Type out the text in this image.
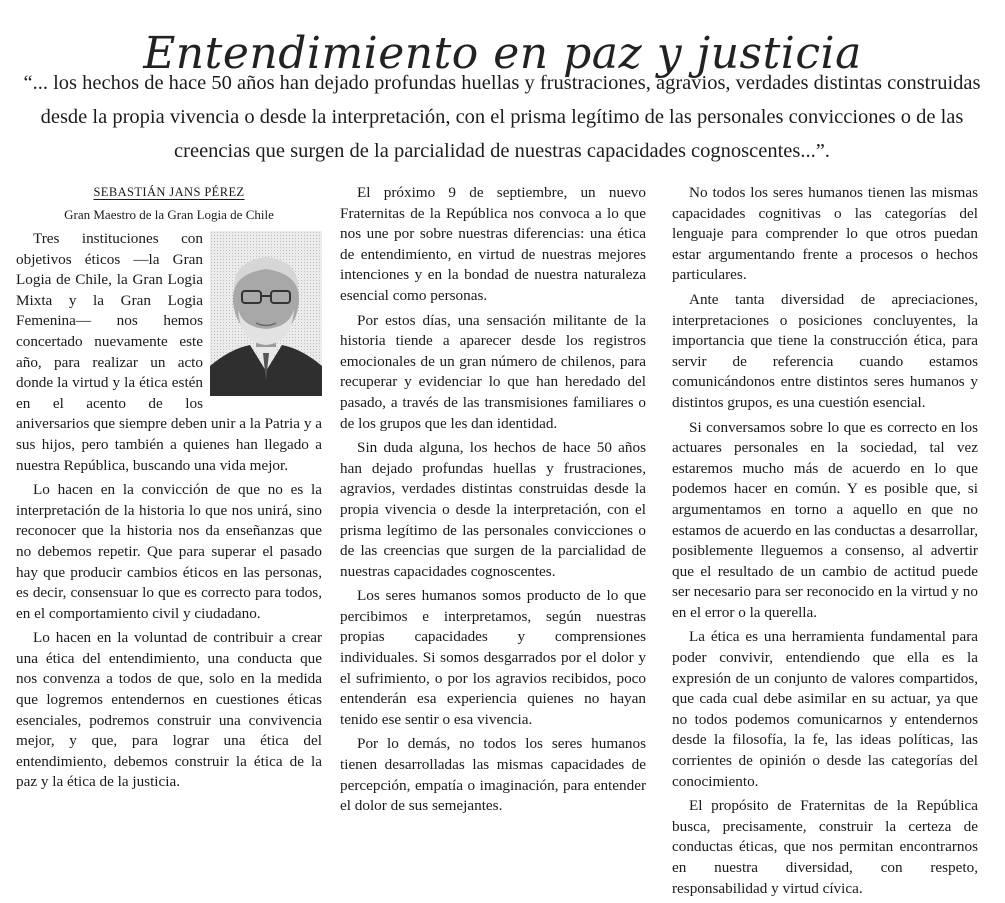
Entendimiento en paz y justicia
“... los hechos de hace 50 años han dejado profundas huellas y frustraciones, agravios, verdades distintas construidas desde la propia vivencia o desde la interpretación, con el prisma legítimo de las personales convicciones o de las creencias que surgen de la parcialidad de nuestras capacidades cognoscentes...”.

SEBASTIÁN JANS PÉREZ

Gran Maestro de la Gran Logia de Chile

Tres instituciones con objetivos éticos —la Gran Logia de Chile, la Gran Logia Mixta y la Gran Logia Femenina— nos hemos concertado nuevamente este año, para realizar un acto donde la virtud y la ética estén en el acento de los aniversarios que siempre deben unir a la Patria y a sus hijos, pero también a quienes han llegado a nuestra República, buscando una vida mejor.

Lo hacen en la convicción de que no es la interpretación de la historia lo que nos unirá, sino reconocer que la historia nos da enseñanzas que no debemos repetir. Que para superar el pasado hay que producir cambios éticos en las personas, es decir, consensuar lo que es correcto para todos, en el comportamiento civil y ciudadano.

Lo hacen en la voluntad de contribuir a crear una ética del entendimiento, una conducta que nos convenza a todos de que, solo en la medida que logremos entendernos en cuestiones éticas esenciales, podremos construir una convivencia mejor, y que, para lograr una ética del entendimiento, debemos construir la ética de la paz y la ética de la justicia.

El próximo 9 de septiembre, un nuevo Fraternitas de la República nos convoca a lo que nos une por sobre nuestras diferencias: una ética de entendimiento, en virtud de nuestras mejores intenciones y en la bondad de nuestra naturaleza esencial como personas.

Por estos días, una sensación militante de la historia tiende a aparecer desde los registros emocionales de un gran número de chilenos, para recuperar y evidenciar lo que han heredado del pasado, a través de las transmisiones familiares o de los grupos que les dan identidad.

Sin duda alguna, los hechos de hace 50 años han dejado profundas huellas y frustraciones, agravios, verdades distintas construidas desde la propia vivencia o desde la interpretación, con el prisma legítimo de las personales convicciones o de las creencias que surgen de la parcialidad de nuestras capacidades cognoscentes.

Los seres humanos somos producto de lo que percibimos e interpretamos, según nuestras propias capacidades y comprensiones individuales. Si somos desgarrados por el dolor y el sufrimiento, o por los agravios recibidos, poco entenderán esa experiencia quienes no hayan tenido ese sentir o esa vivencia.

Por lo demás, no todos los seres humanos tienen desarrolladas las mismas capacidades de percepción, empatía o imaginación, para entender el dolor de sus semejantes.

No todos los seres humanos tienen las mismas capacidades cognitivas o las categorías del lenguaje para comprender lo que otros puedan estar argumentando frente a procesos o hechos particulares.

Ante tanta diversidad de apreciaciones, interpretaciones o posiciones concluyentes, la importancia que tiene la construcción ética, para servir de referencia cuando estamos comunicándonos entre distintos seres humanos y distintos grupos, es una cuestión esencial.

Si conversamos sobre lo que es correcto en los actuares personales en la sociedad, tal vez estaremos mucho más de acuerdo en lo que podemos hacer en común. Y es posible que, si argumentamos en torno a aquello en que no estamos de acuerdo en las conductas a desarrollar, posiblemente lleguemos a consenso, al advertir que el resultado de un cambio de actitud puede ser necesario para ser reconocido en la virtud y no en el error o la querella.

La ética es una herramienta fundamental para poder convivir, entendiendo que ella es la expresión de un conjunto de valores compartidos, que cada cual debe asimilar en su actuar, ya que no todos podemos comunicarnos y entendernos desde la filosofía, la fe, las ideas políticas, las corrientes de opinión o desde las categorías del conocimiento.

El propósito de Fraternitas de la República busca, precisamente, construir la certeza de conductas éticas, que nos permitan encontrarnos en nuestra diversidad, con respeto, responsabilidad y virtud cívica.
